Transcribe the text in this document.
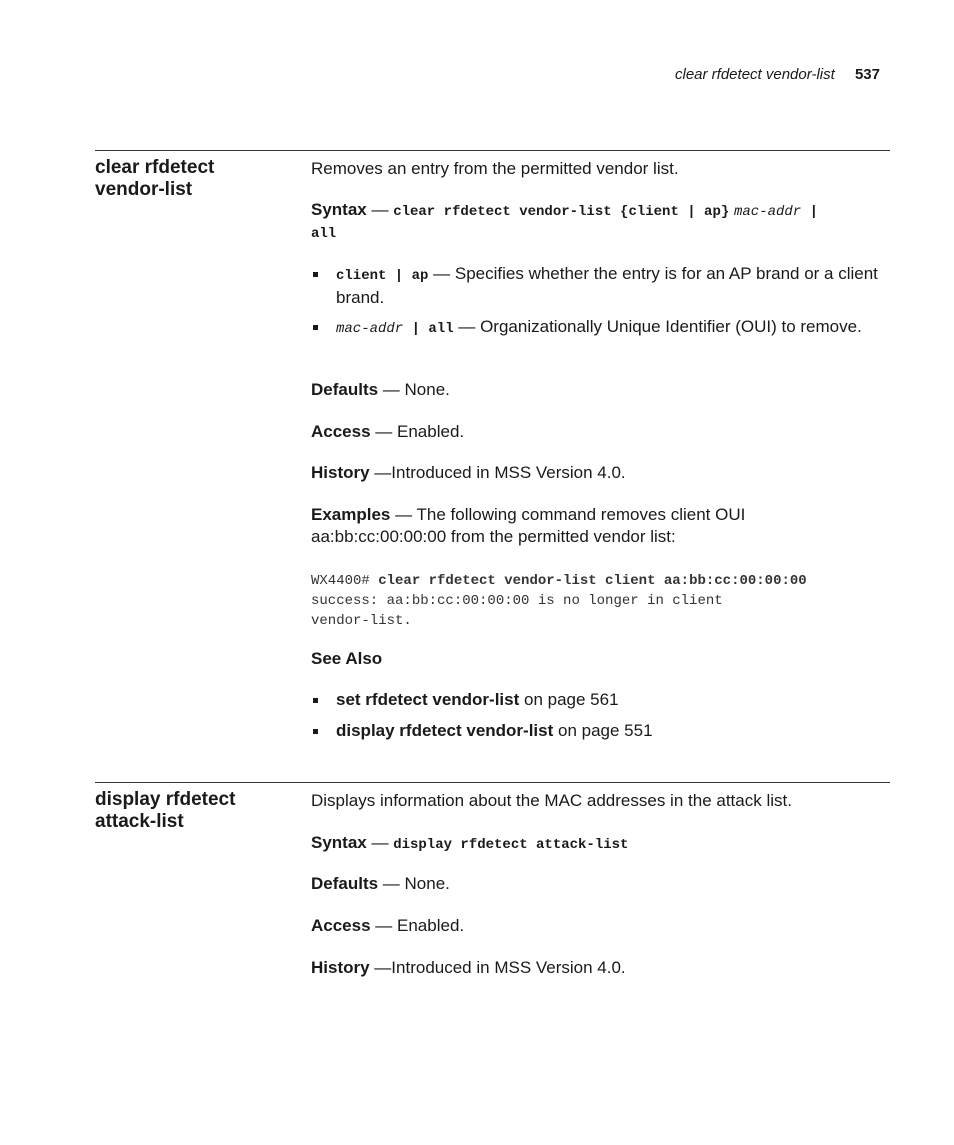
clear rfdetect vendor-list 537
clear rfdetect
vendor-list
Removes an entry from the permitted vendor list.
Syntax — clear rfdetect vendor-list {client | ap} mac-addr |
all
client | ap — Specifies whether the entry is for an AP brand or a client brand.
mac-addr | all — Organizationally Unique Identifier (OUI) to remove.
Defaults — None.
Access — Enabled.
History —Introduced in MSS Version 4.0.
Examples — The following command removes client OUI
aa:bb:cc:00:00:00 from the permitted vendor list:
WX4400# clear rfdetect vendor-list client aa:bb:cc:00:00:00
success: aa:bb:cc:00:00:00 is no longer in client
vendor-list.
See Also
set rfdetect vendor-list on page 561
display rfdetect vendor-list on page 551
display rfdetect
attack-list
Displays information about the MAC addresses in the attack list.
Syntax — display rfdetect attack-list
Defaults — None.
Access — Enabled.
History —Introduced in MSS Version 4.0.
